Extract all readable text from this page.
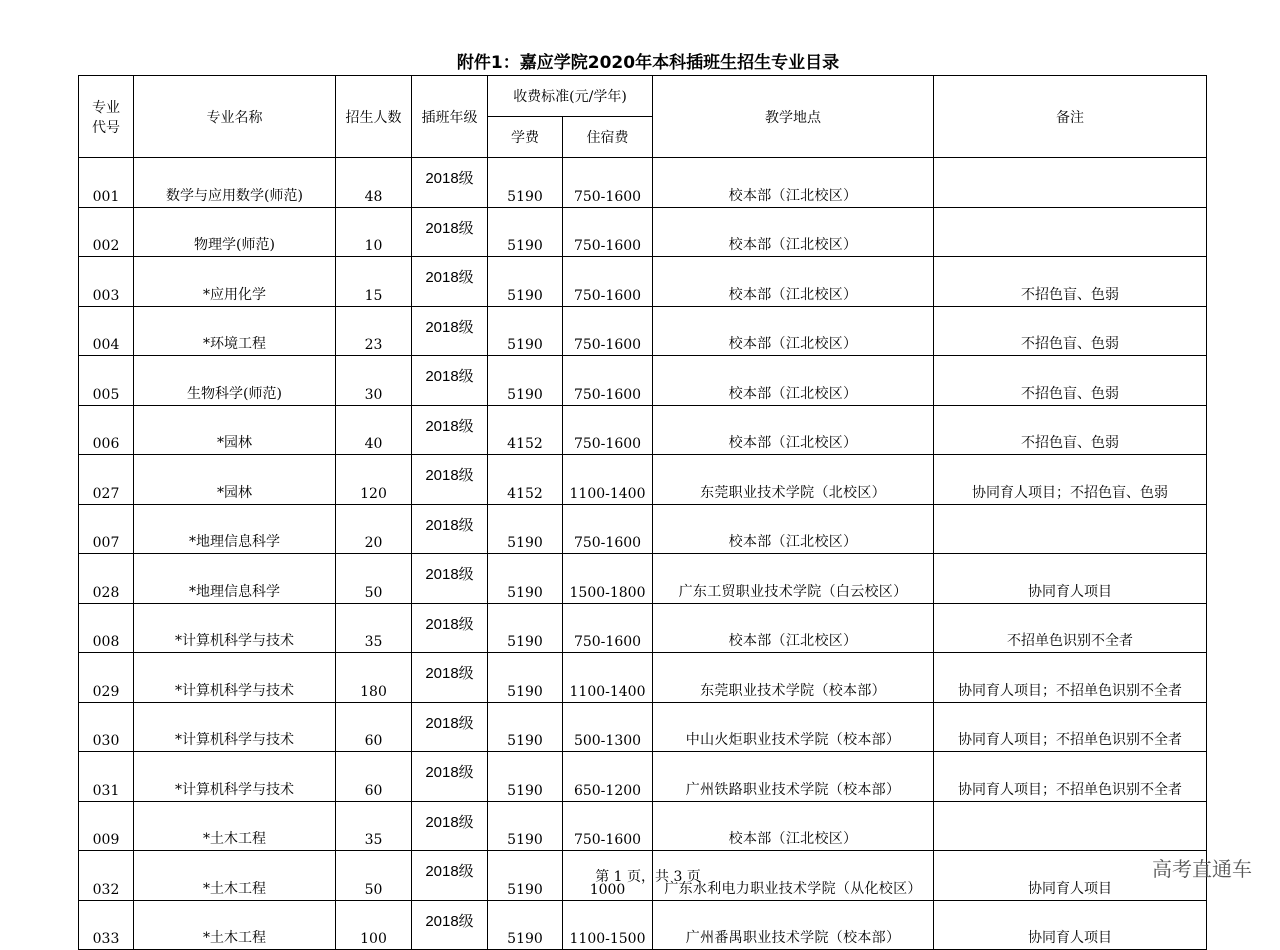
附件1：嘉应学院2020年本科插班生招生专业目录
专业
代号	专业名称	招生人数	插班年级	收费标准(元/学年)		教学地点	备注
				学费	住宿费		
001	数学与应用数学(师范)	48	2018级	5190	750-1600	校本部（江北校区）	
002	物理学(师范)	10	2018级	5190	750-1600	校本部（江北校区）	
003	*应用化学	15	2018级	5190	750-1600	校本部（江北校区）	不招色盲、色弱
004	*环境工程	23	2018级	5190	750-1600	校本部（江北校区）	不招色盲、色弱
005	生物科学(师范)	30	2018级	5190	750-1600	校本部（江北校区）	不招色盲、色弱
006	*园林	40	2018级	4152	750-1600	校本部（江北校区）	不招色盲、色弱
027	*园林	120	2018级	4152	1100-1400	东莞职业技术学院（北校区）	协同育人项目；不招色盲、色弱
007	*地理信息科学	20	2018级	5190	750-1600	校本部（江北校区）	
028	*地理信息科学	50	2018级	5190	1500-1800	广东工贸职业技术学院（白云校区）	协同育人项目
008	*计算机科学与技术	35	2018级	5190	750-1600	校本部（江北校区）	不招单色识别不全者
029	*计算机科学与技术	180	2018级	5190	1100-1400	东莞职业技术学院（校本部）	协同育人项目；不招单色识别不全者
030	*计算机科学与技术	60	2018级	5190	500-1300	中山火炬职业技术学院（校本部）	协同育人项目；不招单色识别不全者
031	*计算机科学与技术	60	2018级	5190	650-1200	广州铁路职业技术学院（校本部）	协同育人项目；不招单色识别不全者
009	*土木工程	35	2018级	5190	750-1600	校本部（江北校区）	
032	*土木工程	50	2018级	5190	1000	广东水利电力职业技术学院（从化校区）	协同育人项目
033	*土木工程	100	2018级	5190	1100-1500	广州番禺职业技术学院（校本部）	协同育人项目
第 1 页，共 3 页	高考直通车
